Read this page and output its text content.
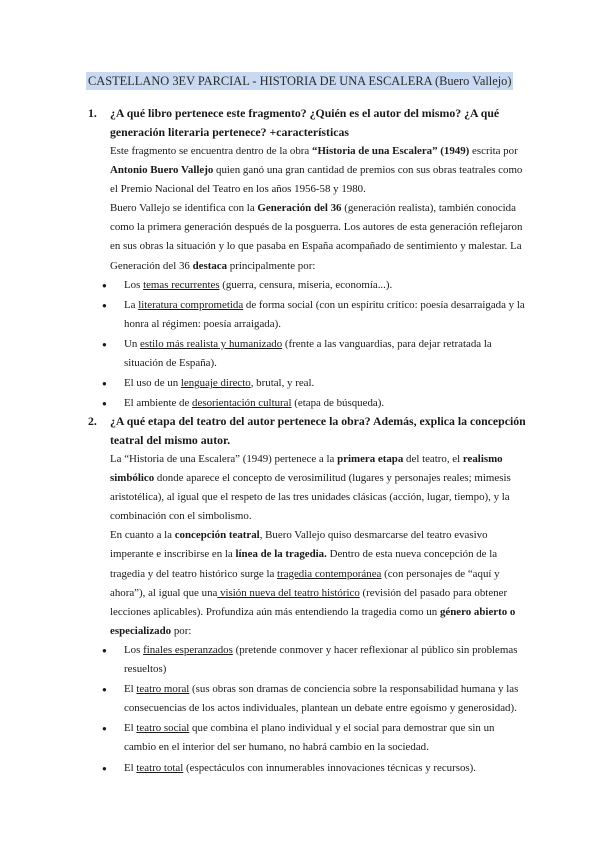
CASTELLANO 3EV PARCIAL - HISTORIA DE UNA ESCALERA (Buero Vallejo)
1. ¿A qué libro pertenece este fragmento? ¿Quién es el autor del mismo? ¿A qué generación literaria pertenece? +características

Este fragmento se encuentra dentro de la obra “Historia de una Escalera” (1949) escrita por Antonio Buero Vallejo quien ganó una gran cantidad de premios con sus obras teatrales como el Premio Nacional del Teatro en los años 1956-58 y 1980.

Buero Vallejo se identifica con la Generación del 36 (generación realista), también conocida como la primera generación después de la posguerra. Los autores de esta generación reflejaron en sus obras la situación y lo que pasaba en España acompañado de sentimiento y malestar. La Generación del 36 destaca principalmente por:

● Los temas recurrentes (guerra, censura, miseria, economía...).
● La literatura comprometida de forma social (con un espíritu crítico: poesía desarraigada y la honra al régimen: poesía arraigada).
● Un estilo más realista y humanizado (frente a las vanguardias, para dejar retratada la situación de España).
● El uso de un lenguaje directo, brutal, y real.
● El ambiente de desorientación cultural (etapa de búsqueda).
2. ¿A qué etapa del teatro del autor pertenece la obra? Además, explica la concepción teatral del mismo autor.

La “Historia de una Escalera” (1949) pertenece a la primera etapa del teatro, el realismo simbólico donde aparece el concepto de verosimilitud (lugares y personajes reales; mimesis aristotélica), al igual que el respeto de las tres unidades clásicas (acción, lugar, tiempo), y la combinación con el simbolismo.

En cuanto a la concepción teatral, Buero Vallejo quiso desmarcarse del teatro evasivo imperante e inscribirse en la línea de la tragedia. Dentro de esta nueva concepción de la tragedia y del teatro histórico surge la tragedia contemporánea (con personajes de “aquí y ahora”), al igual que una visión nueva del teatro histórico (revisión del pasado para obtener lecciones aplicables). Profundiza aún más entendiendo la tragedia como un género abierto o especializado por:

● Los finales esperanzados (pretende conmover y hacer reflexionar al público sin problemas resueltos)
● El teatro moral (sus obras son dramas de conciencia sobre la responsabilidad humana y las consecuencias de los actos individuales, plantean un debate entre egoísmo y generosidad).
● El teatro social que combina el plano individual y el social para demostrar que sin un cambio en el interior del ser humano, no habrá cambio en la sociedad.
● El teatro total (espectáculos con innumerables innovaciones técnicas y recursos).
